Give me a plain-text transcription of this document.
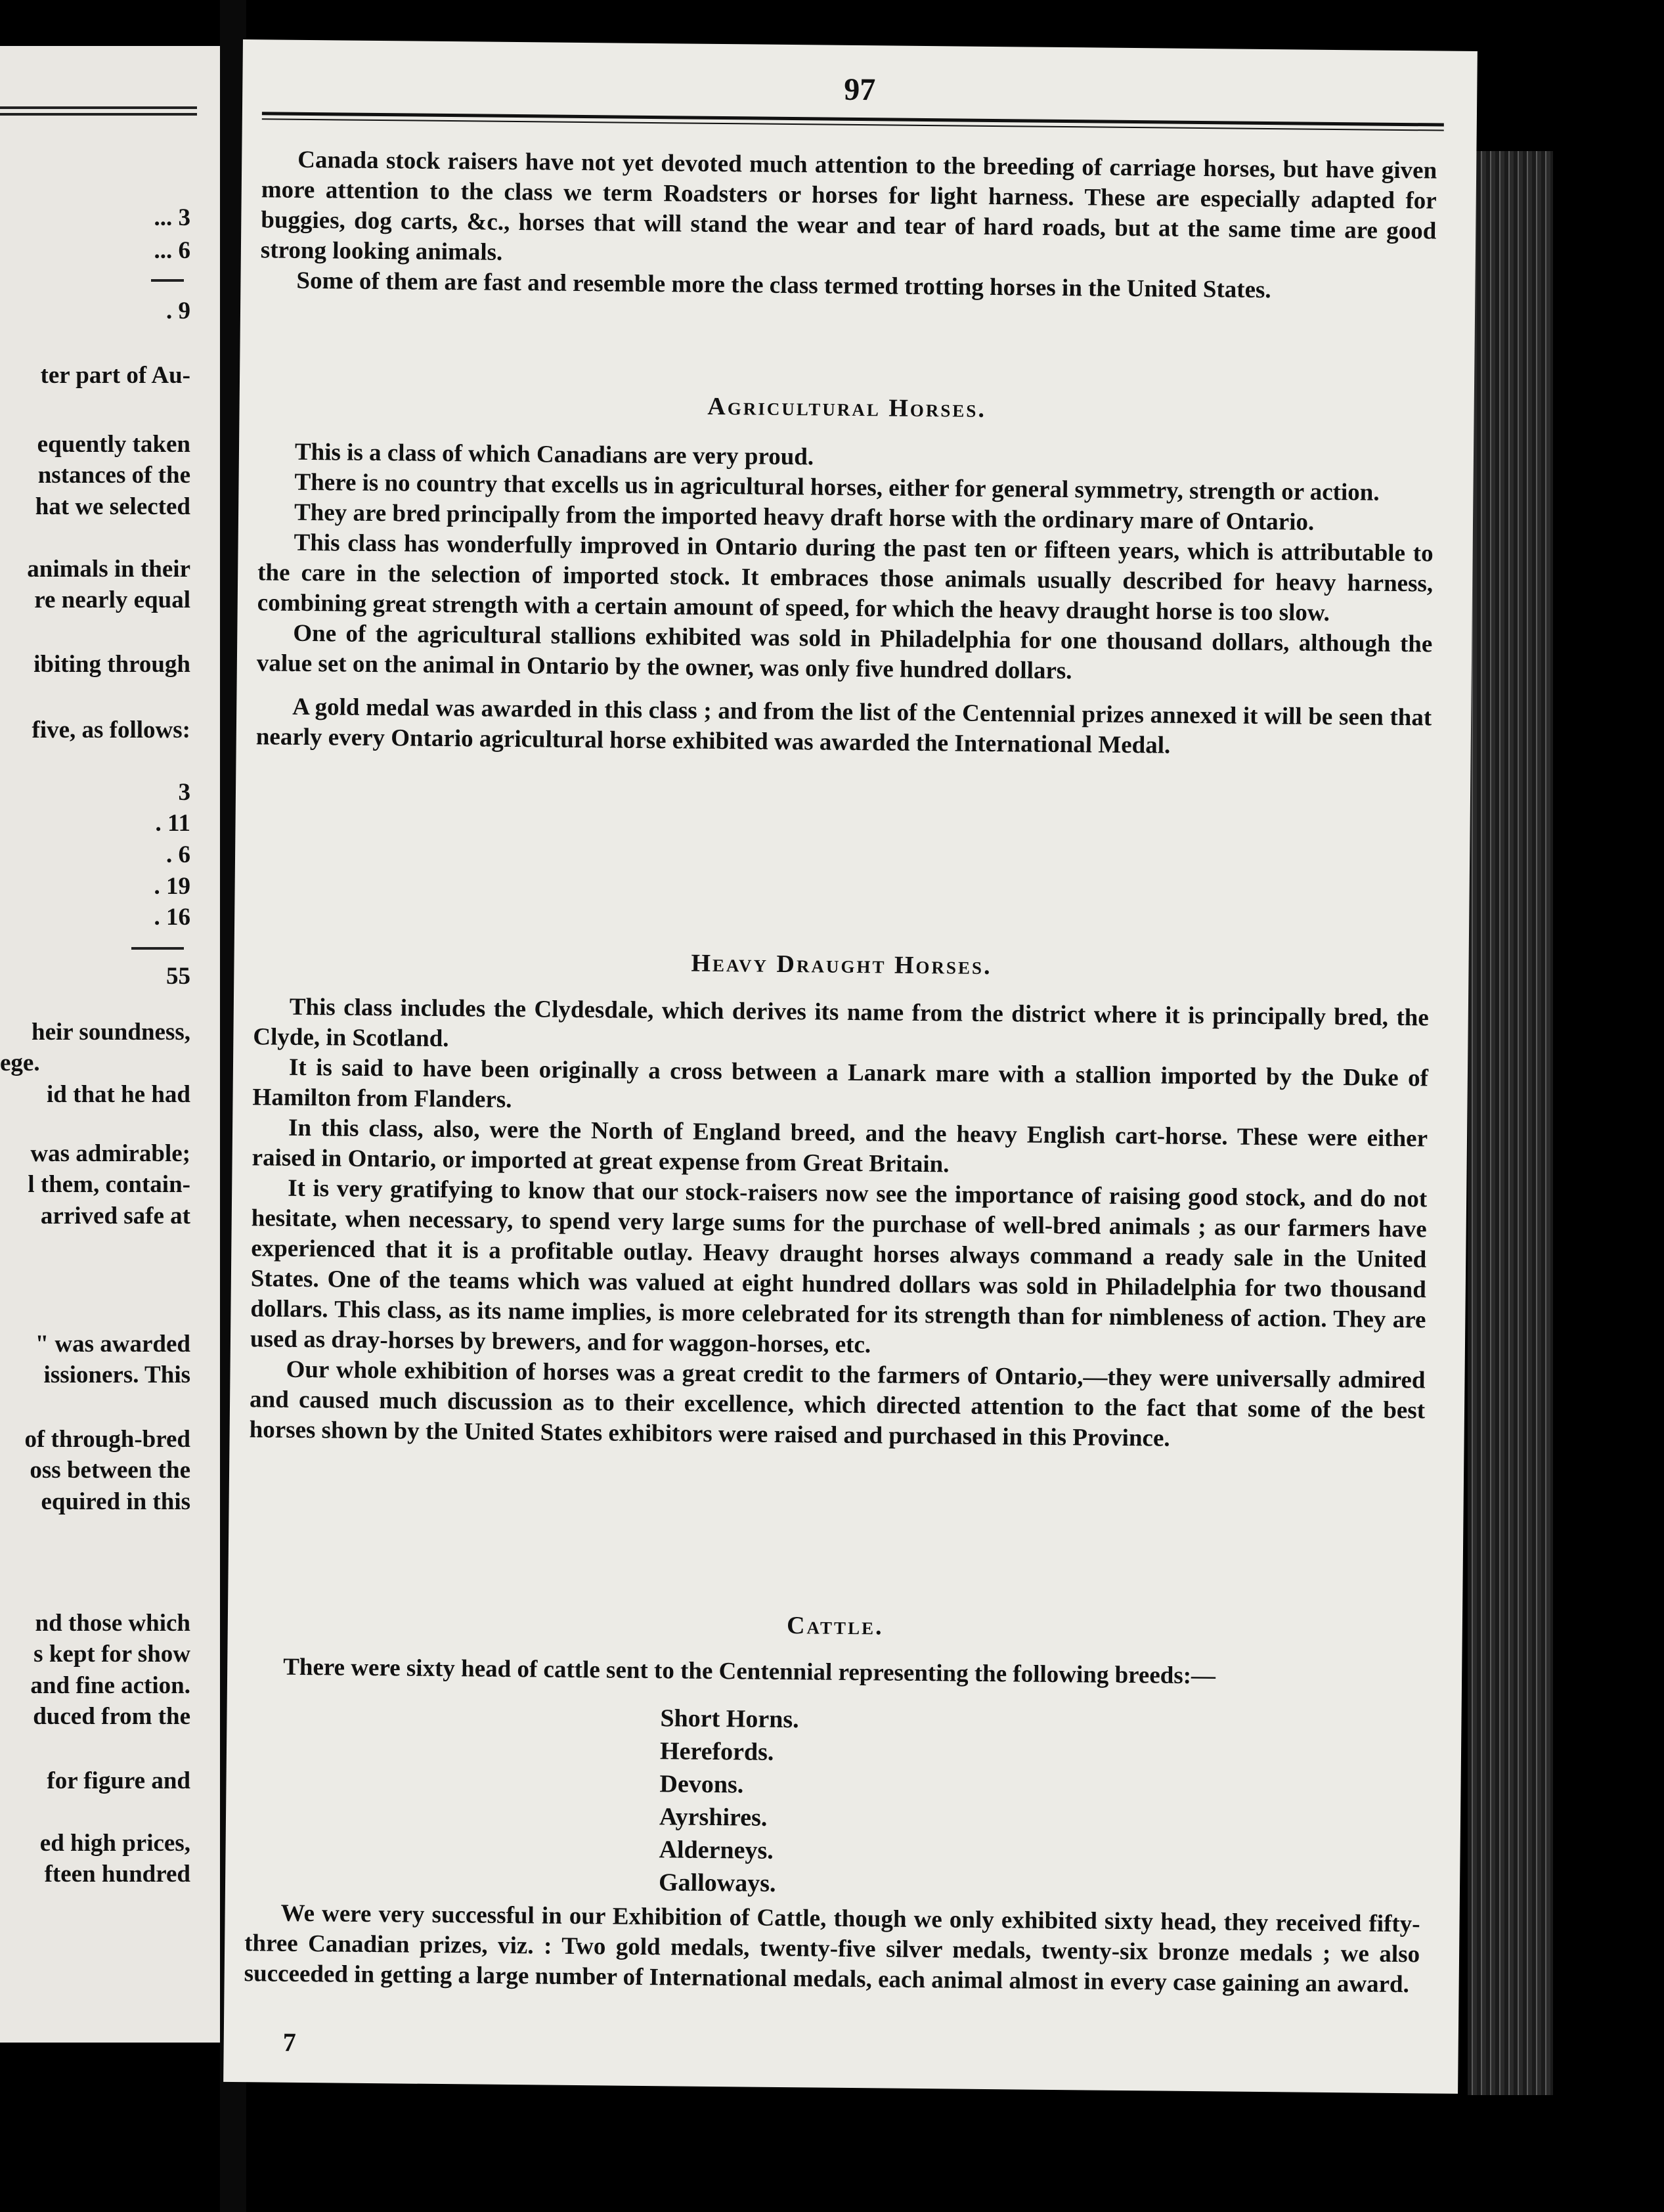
... 3
... 6
. 9
ter part of Au-
equently taken
nstances of the
hat we selected
animals in their
re nearly equal
ibiting through
five, as follows:
3
. 11
. 6
. 19
. 16
55
heir soundness,
ege.
id that he had
was admirable;
l them, contain-
arrived safe at
" was awarded
issioners. This
of through-bred
oss between the
equired in this
nd those which
s kept for show
and fine action.
duced from the
for figure and
ed high prices,
fteen hundred
97

Canada stock raisers have not yet devoted much attention to the breeding of carriage horses, but have given more attention to the class we term Roadsters or horses for light harness. These are especially adapted for buggies, dog carts, &c., horses that will stand the wear and tear of hard roads, but at the same time are good strong looking animals.

Some of them are fast and resemble more the class termed trotting horses in the United States.

Agricultural Horses.

This is a class of which Canadians are very proud.

There is no country that excells us in agricultural horses, either for general symmetry, strength or action.

They are bred principally from the imported heavy draft horse with the ordinary mare of Ontario.

This class has wonderfully improved in Ontario during the past ten or fifteen years, which is attributable to the care in the selection of imported stock. It embraces those animals usually described for heavy harness, combining great strength with a certain amount of speed, for which the heavy draught horse is too slow.

One of the agricultural stallions exhibited was sold in Philadelphia for one thousand dollars, although the value set on the animal in Ontario by the owner, was only five hundred dollars.

A gold medal was awarded in this class ; and from the list of the Centennial prizes annexed it will be seen that nearly every Ontario agricultural horse exhibited was awarded the International Medal.

Heavy Draught Horses.

This class includes the Clydesdale, which derives its name from the district where it is principally bred, the Clyde, in Scotland.

It is said to have been originally a cross between a Lanark mare with a stallion imported by the Duke of Hamilton from Flanders.

In this class, also, were the North of England breed, and the heavy English cart-horse. These were either raised in Ontario, or imported at great expense from Great Britain.

It is very gratifying to know that our stock-raisers now see the importance of raising good stock, and do not hesitate, when necessary, to spend very large sums for the purchase of well-bred animals ; as our farmers have experienced that it is a profitable outlay. Heavy draught horses always command a ready sale in the United States. One of the teams which was valued at eight hundred dollars was sold in Philadelphia for two thousand dollars. This class, as its name implies, is more celebrated for its strength than for nimbleness of action. They are used as dray-horses by brewers, and for waggon-horses, etc.

Our whole exhibition of horses was a great credit to the farmers of Ontario,—they were universally admired and caused much discussion as to their excellence, which directed attention to the fact that some of the best horses shown by the United States exhibitors were raised and purchased in this Province.

Cattle.

There were sixty head of cattle sent to the Centennial representing the following breeds:—

Short Horns.
Herefords.
Devons.
Ayrshires.
Alderneys.
Galloways.

We were very successful in our Exhibition of Cattle, though we only exhibited sixty head, they received fifty-three Canadian prizes, viz. : Two gold medals, twenty-five silver medals, twenty-six bronze medals ; we also succeeded in getting a large number of International medals, each animal almost in every case gaining an award.

7
